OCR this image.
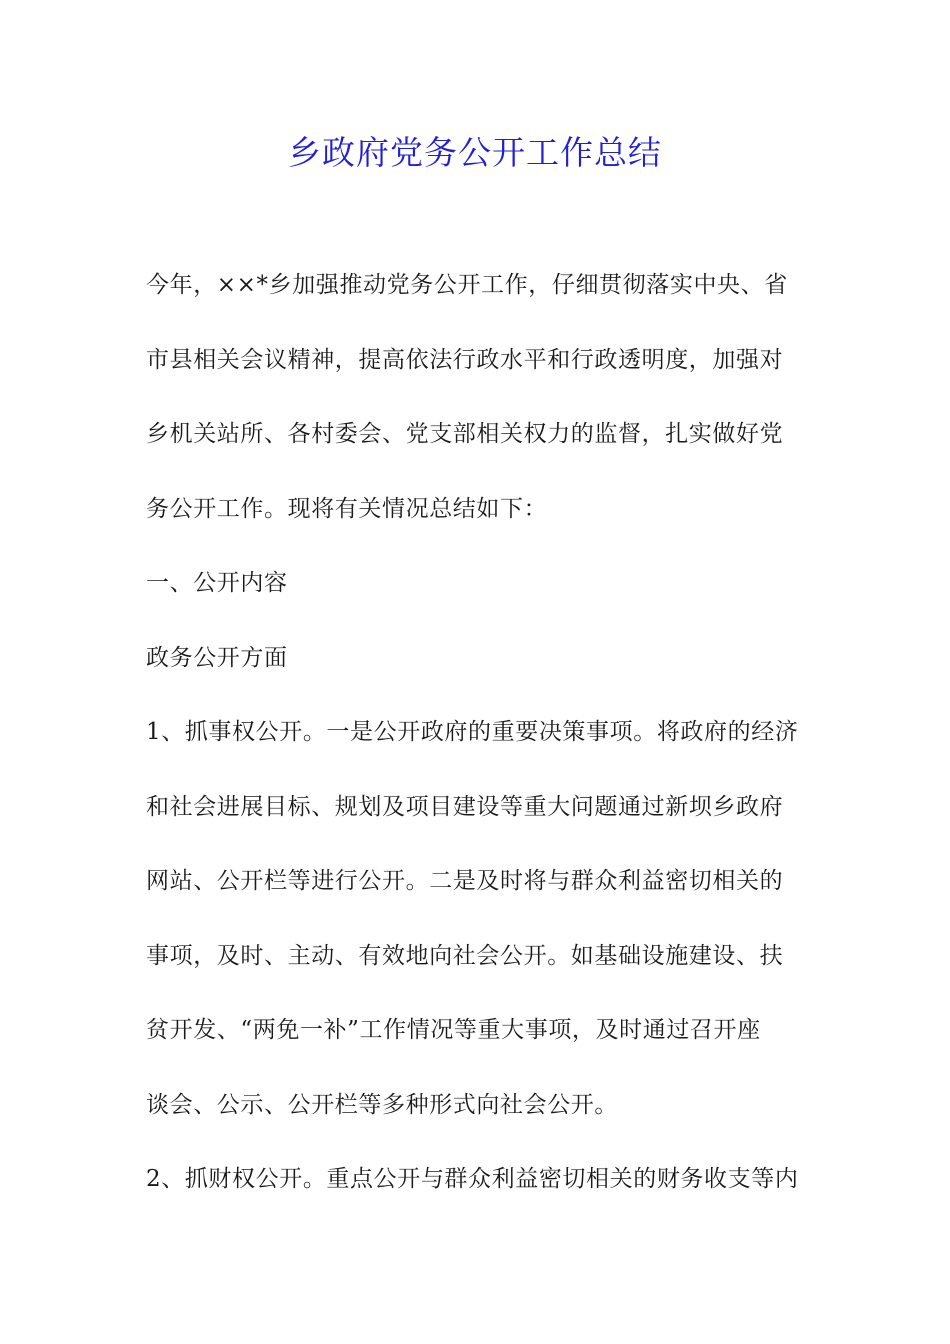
乡政府党务公开工作总结
今年，××*乡加强推动党务公开工作，仔细贯彻落实中央、省
市县相关会议精神，提高依法行政水平和行政透明度，加强对
乡机关站所、各村委会、党支部相关权力的监督，扎实做好党
务公开工作。现将有关情况总结如下：
一、公开内容
政务公开方面
1、抓事权公开。一是公开政府的重要决策事项。将政府的经济
和社会进展目标、规划及项目建设等重大问题通过新坝乡政府
网站、公开栏等进行公开。二是及时将与群众利益密切相关的
事项，及时、主动、有效地向社会公开。如基础设施建设、扶
贫开发、“两免一补”工作情况等重大事项，及时通过召开座
谈会、公示、公开栏等多种形式向社会公开。
2、抓财权公开。重点公开与群众利益密切相关的财务收支等内
